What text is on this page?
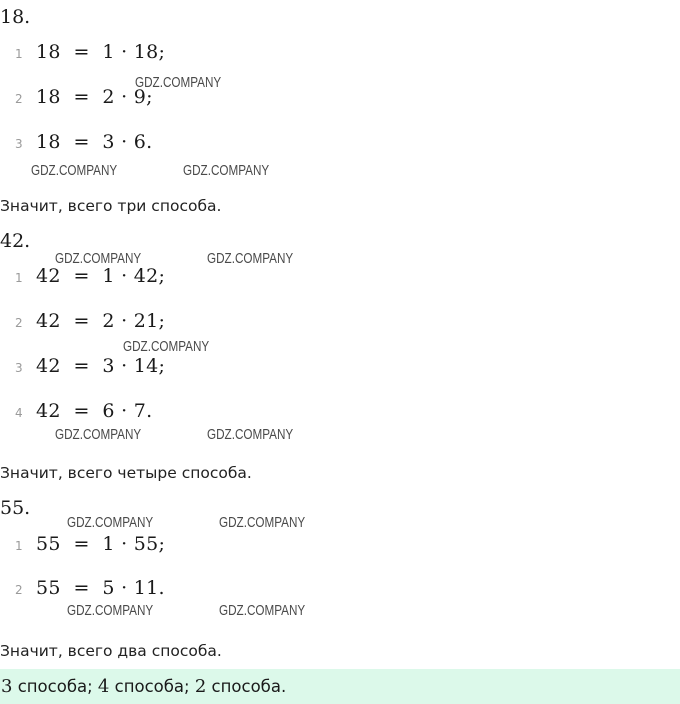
18.
1 18  =  1 · 18;
2 18  =  2 · 9;
3 18  =  3 · 6.
Значит, всего три способа.
42.
1 42  =  1 · 42;
2 42  =  2 · 21;
3 42  =  3 · 14;
4 42  =  6 · 7.
Значит, всего четыре способа.
55.
1 55  =  1 · 55;
2 55  =  5 · 11.
Значит, всего два способа.
GDZ.COMPANY
GDZ.COMPANY	GDZ.COMPANY
GDZ.COMPANY	GDZ.COMPANY
GDZ.COMPANY
GDZ.COMPANY	GDZ.COMPANY
GDZ.COMPANY	GDZ.COMPANY
GDZ.COMPANY	GDZ.COMPANY
3 способа; 4 способа; 2 способа.
